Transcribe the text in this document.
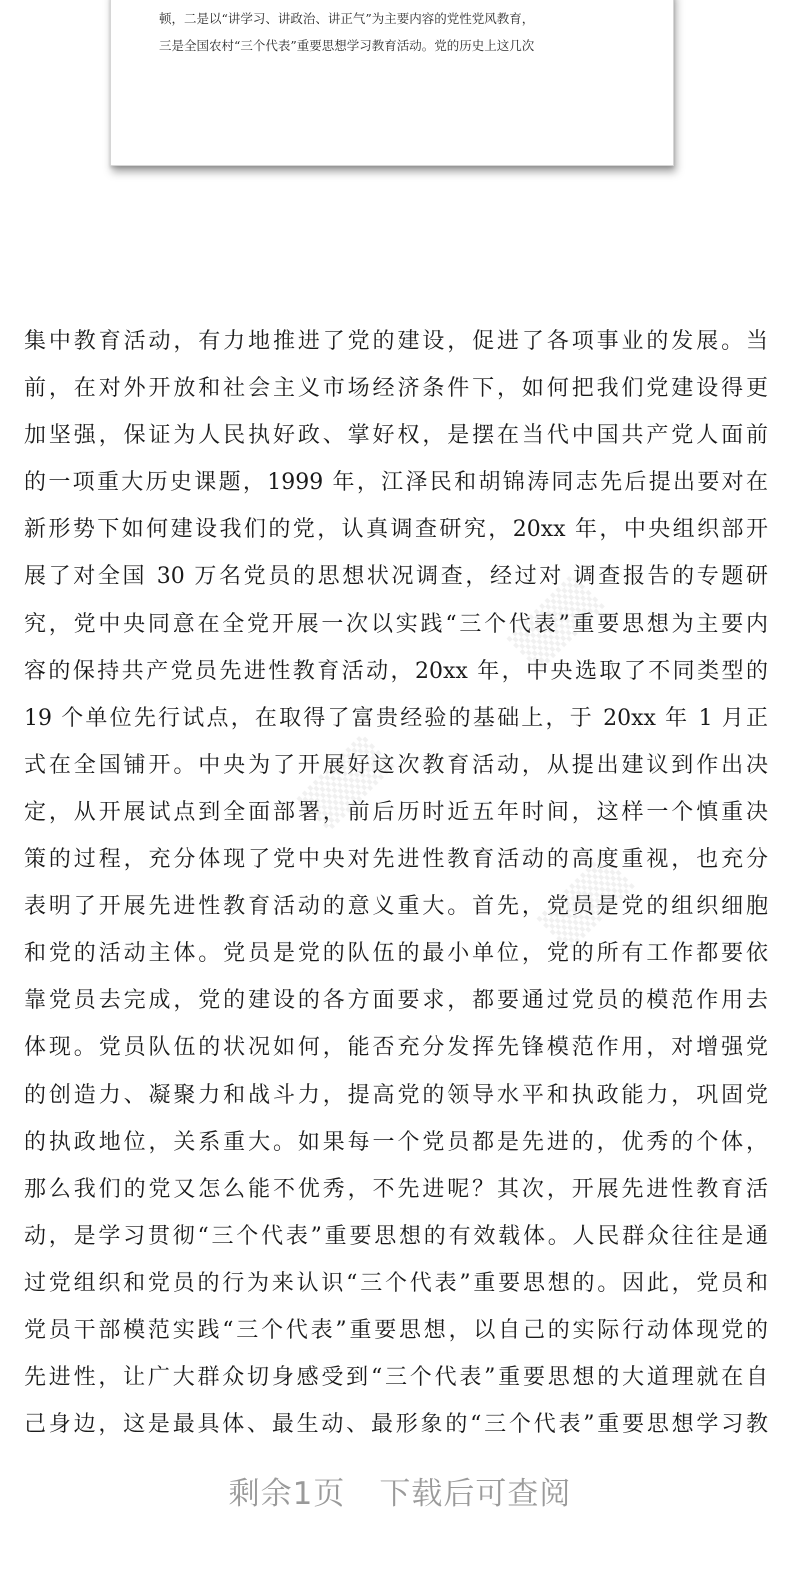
顿，二是以“讲学习、讲政治、讲正气”为主要内容的党性党风教育，
三是全国农村“三个代表”重要思想学习教育活动。党的历史上这几次
▒▒▒
▒▒▒
▒▒▒
集中教育活动，有力地推进了党的建设，促进了各项事业的发展。当
前，在对外开放和社会主义市场经济条件下，如何把我们党建设得更
加坚强，保证为人民执好政、掌好权，是摆在当代中国共产党人面前
的一项重大历史课题，1999 年，江泽民和胡锦涛同志先后提出要对在
新形势下如何建设我们的党，认真调查研究，20xx 年，中央组织部开
展了对全国 30 万名党员的思想状况调查，经过对 调查报告的专题研
究，党中央同意在全党开展一次以实践“三个代表”重要思想为主要内
容的保持共产党员先进性教育活动，20xx 年，中央选取了不同类型的
19 个单位先行试点，在取得了富贵经验的基础上，于 20xx 年 1 月正
式在全国铺开。中央为了开展好这次教育活动，从提出建议到作出决
定，从开展试点到全面部署，前后历时近五年时间，这样一个慎重决
策的过程，充分体现了党中央对先进性教育活动的高度重视，也充分
表明了开展先进性教育活动的意义重大。首先，党员是党的组织细胞
和党的活动主体。党员是党的队伍的最小单位，党的所有工作都要依
靠党员去完成，党的建设的各方面要求，都要通过党员的模范作用去
体现。党员队伍的状况如何，能否充分发挥先锋模范作用，对增强党
的创造力、凝聚力和战斗力，提高党的领导水平和执政能力，巩固党
的执政地位，关系重大。如果每一个党员都是先进的，优秀的个体，
那么我们的党又怎么能不优秀，不先进呢？其次，开展先进性教育活
动，是学习贯彻“三个代表”重要思想的有效载体。人民群众往往是通
过党组织和党员的行为来认识“三个代表”重要思想的。因此，党员和
党员干部模范实践“三个代表”重要思想，以自己的实际行动体现党的
先进性，让广大群众切身感受到“三个代表”重要思想的大道理就在自
己身边，这是最具体、最生动、最形象的“三个代表”重要思想学习教
剩余1页 下载后可查阅
